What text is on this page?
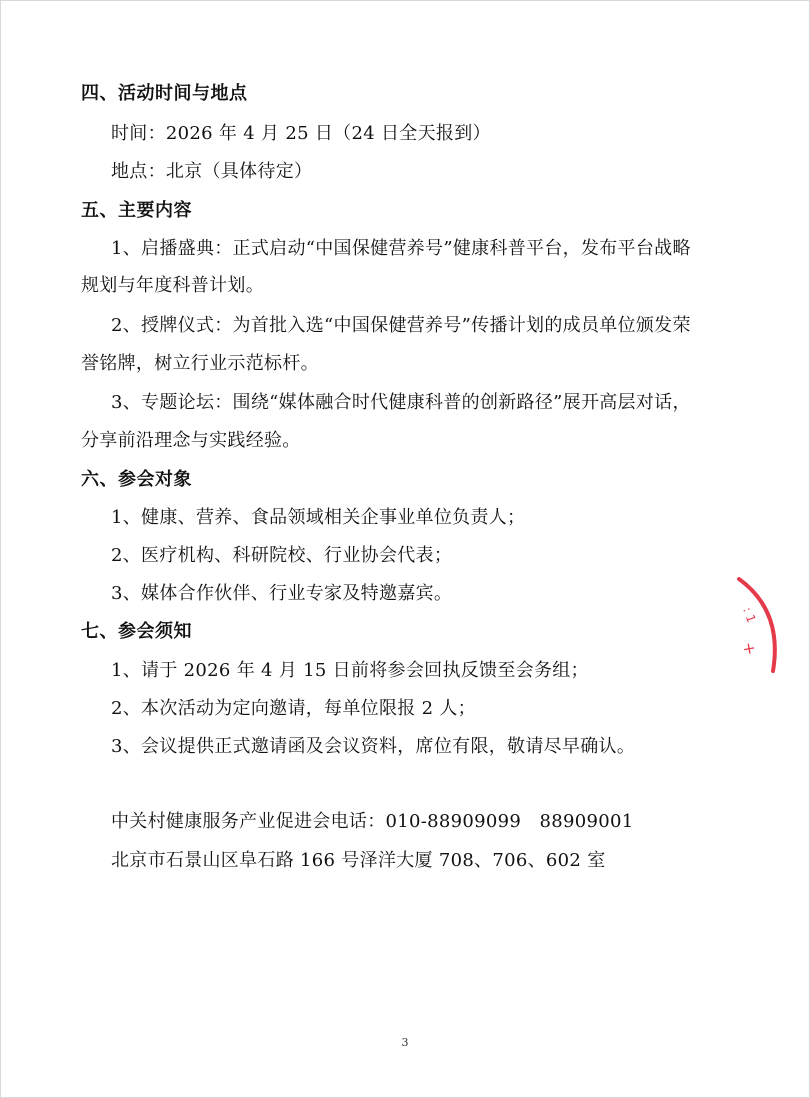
四、活动时间与地点
时间：2026 年 4 月 25 日（24 日全天报到）
地点：北京（具体待定）
五、主要内容
1、启播盛典：正式启动“中国保健营养号”健康科普平台，发布平台战略
规划与年度科普计划。
2、授牌仪式：为首批入选“中国保健营养号”传播计划的成员单位颁发荣
誉铭牌，树立行业示范标杆。
3、专题论坛：围绕“媒体融合时代健康科普的创新路径”展开高层对话，
分享前沿理念与实践经验。
六、参会对象
1、健康、营养、食品领域相关企事业单位负责人；
2、医疗机构、科研院校、行业协会代表；
3、媒体合作伙伴、行业专家及特邀嘉宾。
七、参会须知
1、请于 2026 年 4 月 15 日前将参会回执反馈至会务组；
2、本次活动为定向邀请，每单位限报 2 人；
3、会议提供正式邀请函及会议资料，席位有限，敬请尽早确认。
中关村健康服务产业促进会电话：010-88909099　88909001
北京市石景山区阜石路 166 号泽洋大厦 708、706、602 室
: 1
+
3
